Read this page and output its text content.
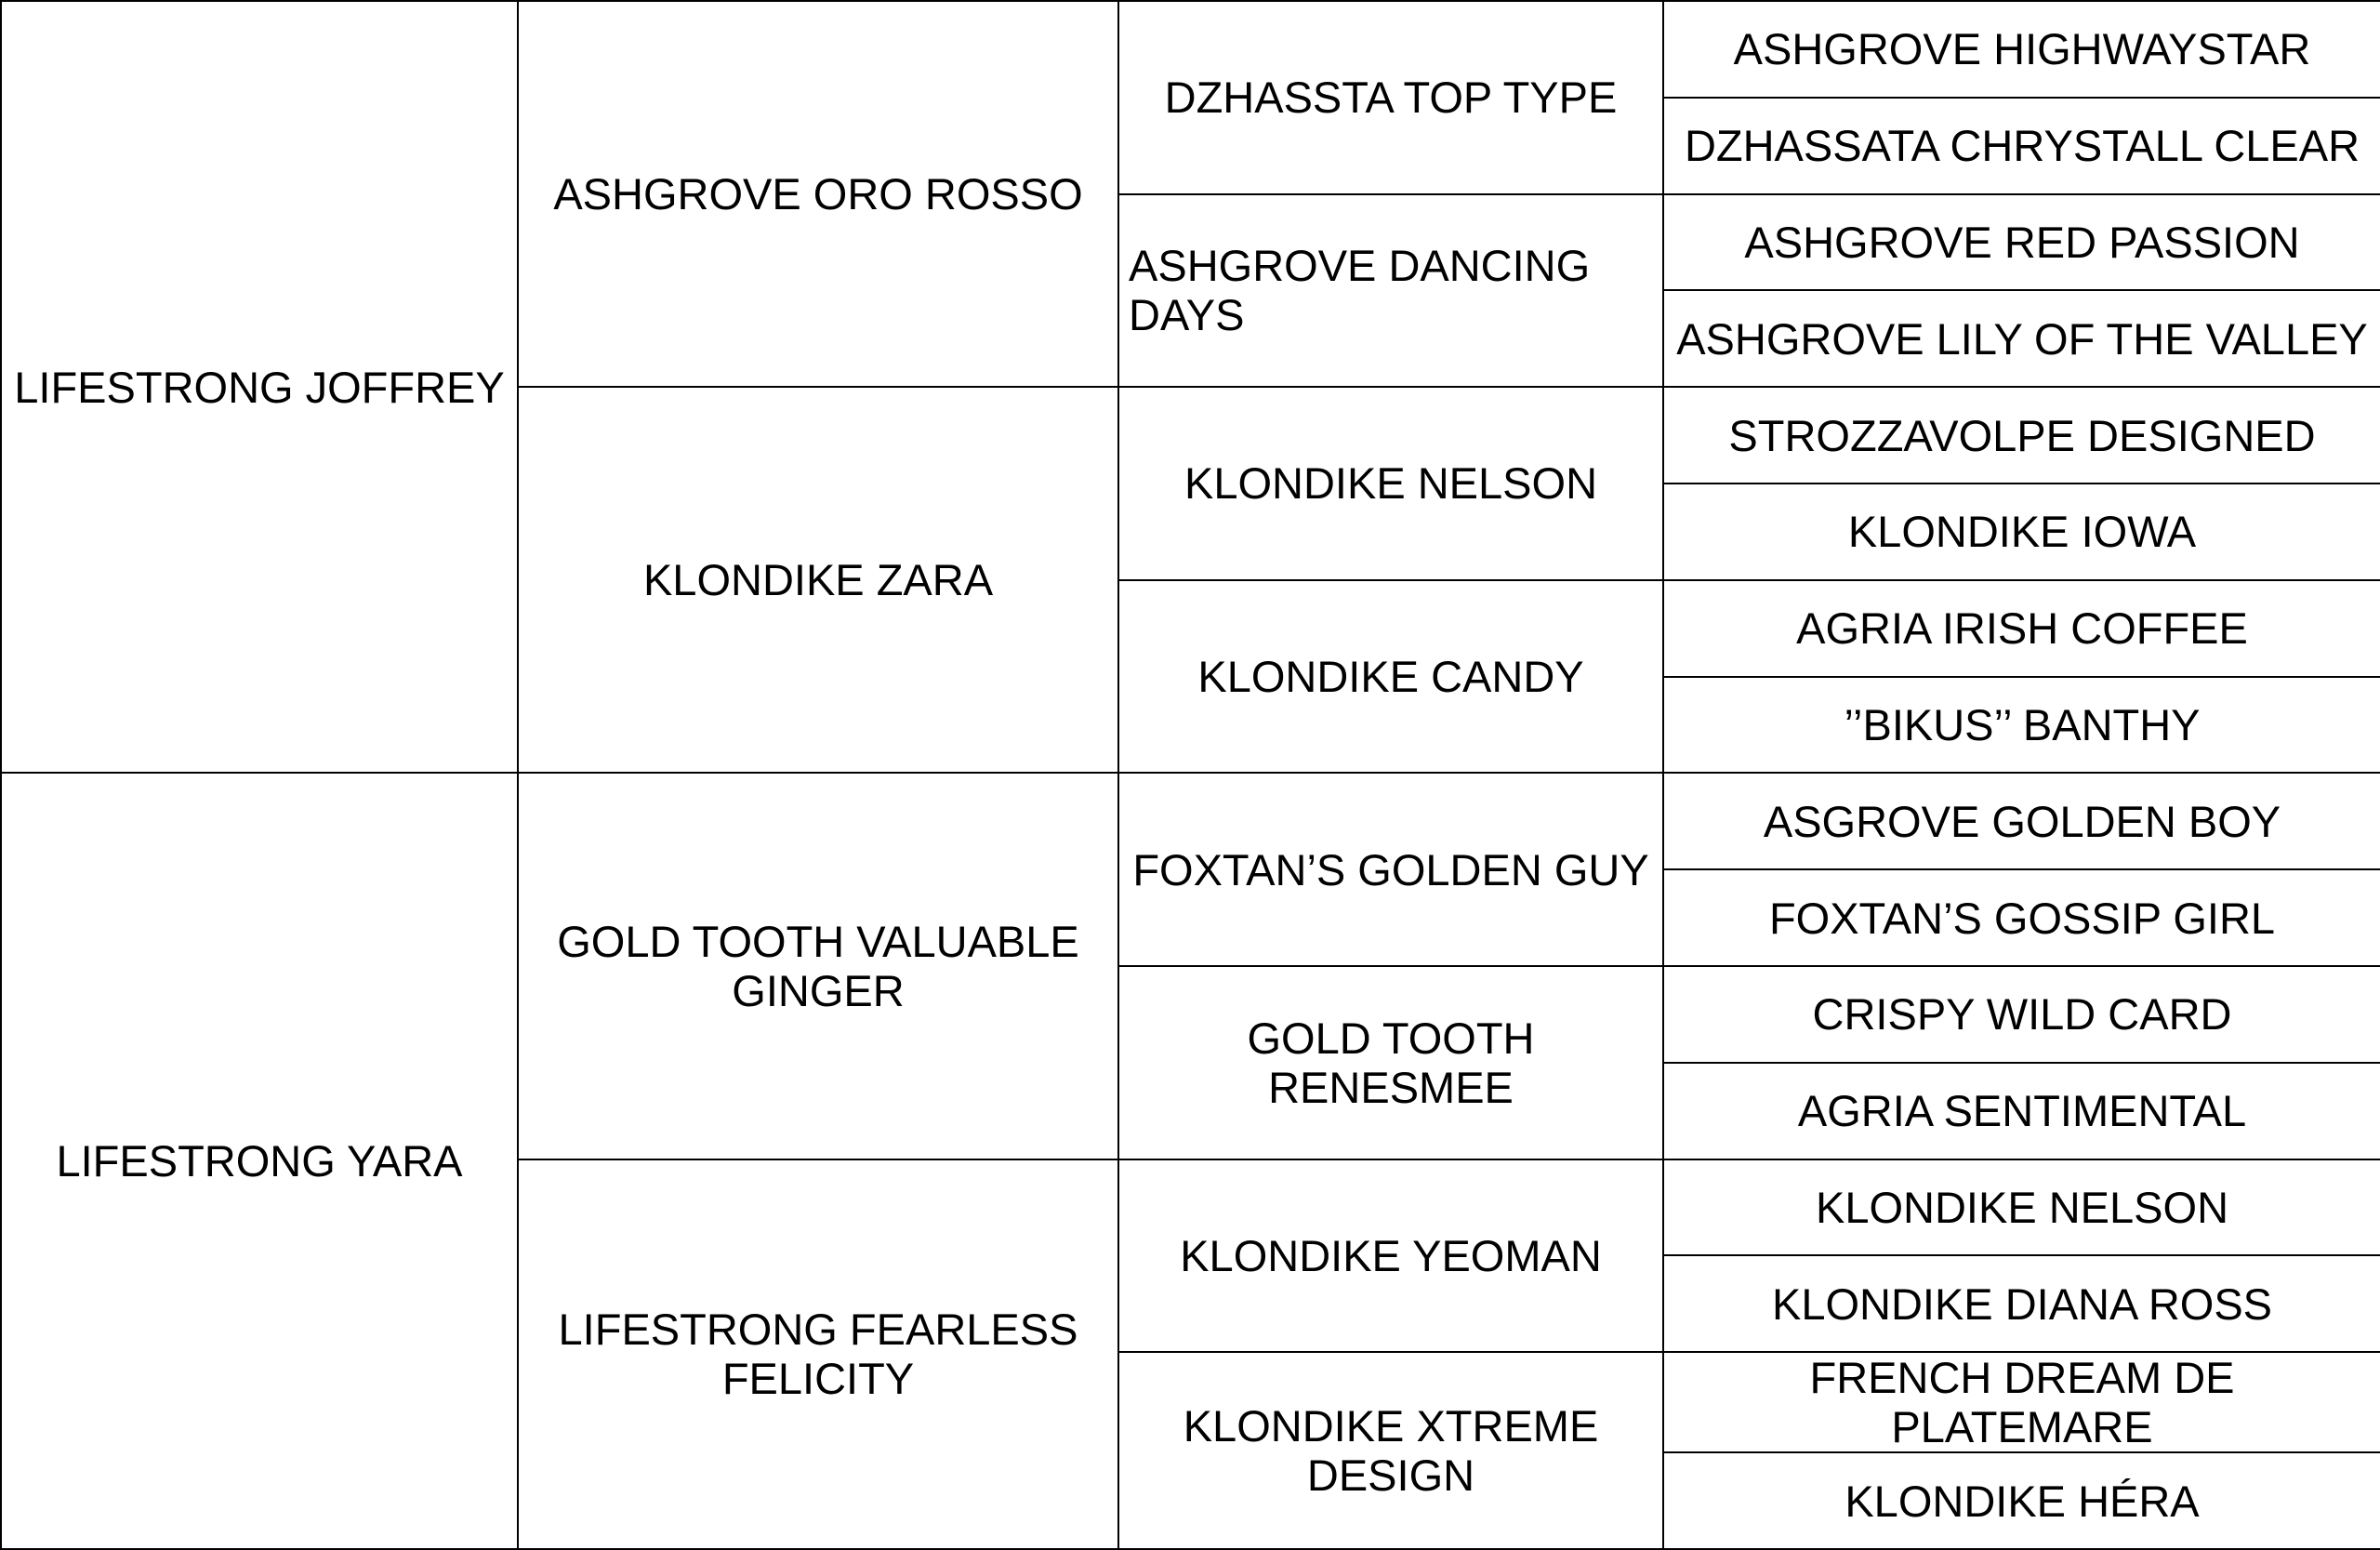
LIFESTRONG JOFFREY	ASHGROVE ORO ROSSO	DZHASSTA TOP TYPE	ASHGROVE HIGHWAYSTAR
			DZHASSATA CHRYSTALL CLEAR
		ASHGROVE DANCING DAYS	ASHGROVE RED PASSION
			ASHGROVE LILY OF THE VALLEY
	KLONDIKE ZARA	KLONDIKE NELSON	STROZZAVOLPE DESIGNED
			KLONDIKE IOWA
		KLONDIKE CANDY	AGRIA IRISH COFFEE
			’’BIKUS’’ BANTHY
LIFESTRONG YARA	GOLD TOOTH VALUABLE GINGER	FOXTAN’S GOLDEN GUY	ASGROVE GOLDEN BOY
			FOXTAN’S GOSSIP GIRL
		GOLD TOOTH RENESMEE	CRISPY WILD CARD
			AGRIA SENTIMENTAL
	LIFESTRONG FEARLESS FELICITY	KLONDIKE YEOMAN	KLONDIKE NELSON
			KLONDIKE DIANA ROSS
		KLONDIKE XTREME DESIGN	FRENCH DREAM DE PLATEMARE
			KLONDIKE HÉRA
